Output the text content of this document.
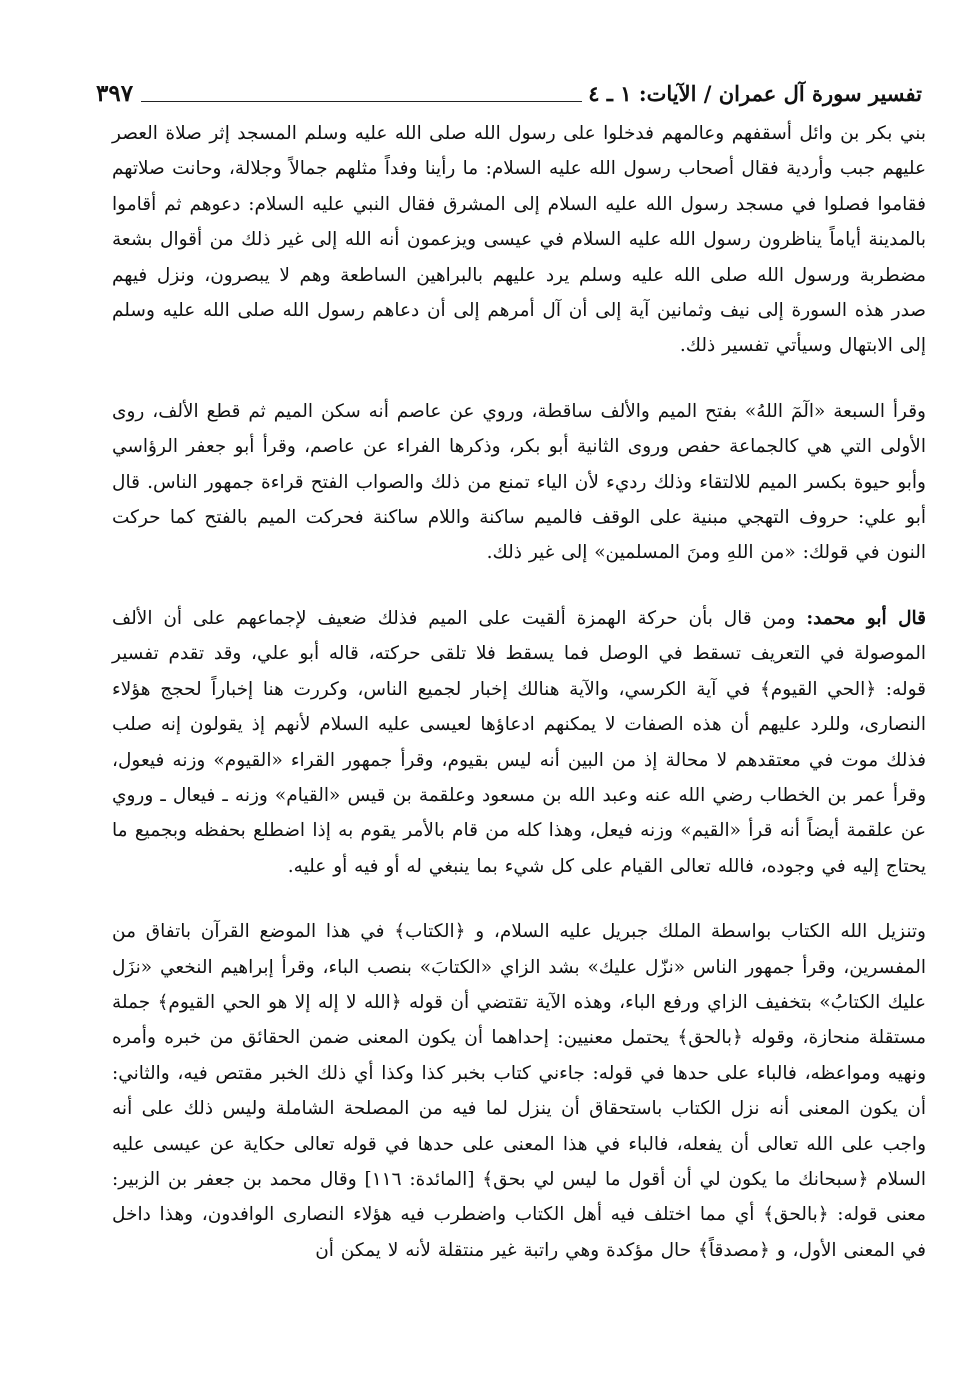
تفسير سورة آل عمران / الآيات: ١ ـ ٤
٣٩٧

بني بكر بن وائل أسقفهم وعالمهم فدخلوا على رسول الله صلى الله عليه وسلم المسجد إثر صلاة العصر عليهم جبب وأردية فقال أصحاب رسول الله عليه السلام: ما رأينا وفداً مثلهم جمالاً وجلالة، وحانت صلاتهم فقاموا فصلوا في مسجد رسول الله عليه السلام إلى المشرق فقال النبي عليه السلام: دعوهم ثم أقاموا بالمدينة أياماً يناظرون رسول الله عليه السلام في عيسى ويزعمون أنه الله إلى غير ذلك من أقوال بشعة مضطربة ورسول الله صلى الله عليه وسلم يرد عليهم بالبراهين الساطعة وهم لا يبصرون، ونزل فيهم صدر هذه السورة إلى نيف وثمانين آية إلى أن آل أمرهم إلى أن دعاهم رسول الله صلى الله عليه وسلم إلى الابتهال وسيأتي تفسير ذلك.

وقرأ السبعة «الٓمٓ اللهُ» بفتح الميم والألف ساقطة، وروي عن عاصم أنه سكن الميم ثم قطع الألف، روى الأولى التي هي كالجماعة حفص وروى الثانية أبو بكر، وذكرها الفراء عن عاصم، وقرأ أبو جعفر الرؤاسي وأبو حيوة بكسر الميم للالتقاء وذلك رديء لأن الياء تمنع من ذلك والصواب الفتح قراءة جمهور الناس. قال أبو علي: حروف التهجي مبنية على الوقف فالميم ساكنة واللام ساكنة فحركت الميم بالفتح كما حركت النون في قولك: «من اللهِ ومنَ المسلمين» إلى غير ذلك.

قال أبو محمد: ومن قال بأن حركة الهمزة ألقيت على الميم فذلك ضعيف لإجماعهم على أن الألف الموصولة في التعريف تسقط في الوصل فما يسقط فلا تلقى حركته، قاله أبو علي، وقد تقدم تفسير قوله: ﴿الحي القيوم﴾ في آية الكرسي، والآية هنالك إخبار لجميع الناس، وكررت هنا إخباراً لحجج هؤلاء النصارى، وللرد عليهم أن هذه الصفات لا يمكنهم ادعاؤها لعيسى عليه السلام لأنهم إذ يقولون إنه صلب فذلك موت في معتقدهم لا محالة إذ من البين أنه ليس بقيوم، وقرأ جمهور القراء «القيوم» وزنه فيعول، وقرأ عمر بن الخطاب رضي الله عنه وعبد الله بن مسعود وعلقمة بن قيس «القيام» وزنه ـ فيعال ـ وروي عن علقمة أيضاً أنه قرأ «القيم» وزنه فيعل، وهذا كله من قام بالأمر يقوم به إذا اضطلع بحفظه وبجميع ما يحتاج إليه في وجوده، فالله تعالى القيام على كل شيء بما ينبغي له أو فيه أو عليه.

وتنزيل الله الكتاب بواسطة الملك جبريل عليه السلام، و ﴿الكتاب﴾ في هذا الموضع القرآن باتفاق من المفسرين، وقرأ جمهور الناس «نزّل عليك» بشد الزاي «الكتابَ» بنصب الباء، وقرأ إبراهيم النخعي «نزَل عليك الكتابُ» بتخفيف الزاي ورفع الباء، وهذه الآية تقتضي أن قوله ﴿الله لا إله إلا هو الحي القيوم﴾ جملة مستقلة منحازة، وقوله ﴿بالحق﴾ يحتمل معنيين: إحداهما أن يكون المعنى ضمن الحقائق من خبره وأمره ونهيه ومواعظه، فالباء على حدها في قوله: جاءني كتاب بخبر كذا وكذا أي ذلك الخبر مقتص فيه، والثاني: أن يكون المعنى أنه نزل الكتاب باستحقاق أن ينزل لما فيه من المصلحة الشاملة وليس ذلك على أنه واجب على الله تعالى أن يفعله، فالباء في هذا المعنى على حدها في قوله تعالى حكاية عن عيسى عليه السلام ﴿سبحانك ما يكون لي أن أقول ما ليس لي بحق﴾ [المائدة: ١١٦] وقال محمد بن جعفر بن الزبير: معنى قوله: ﴿بالحق﴾ أي مما اختلف فيه أهل الكتاب واضطرب فيه هؤلاء النصارى الوافدون، وهذا داخل في المعنى الأول، و ﴿مصدقاً﴾ حال مؤكدة وهي راتبة غير منتقلة لأنه لا يمكن أن
